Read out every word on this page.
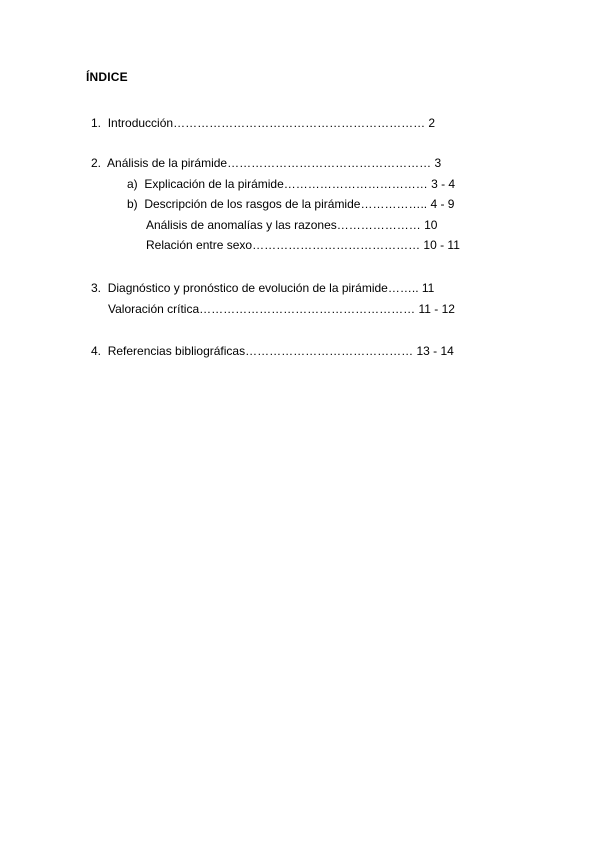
ÍNDICE
1. Introducción……………………………………………………… 2
2. Análisis de la pirámide…………………………………………… 3
a) Explicación de la pirámide……………………………… 3 - 4
b) Descripción de los rasgos de la pirámide…………….. 4 - 9
Análisis de anomalías y las razones………………… 10
Relación entre sexo…………………………………… 10 - 11
3. Diagnóstico y pronóstico de evolución de la pirámide…….. 11
Valoración crítica……………………………………………… 11 - 12
4. Referencias bibliográficas…………………………………… 13 - 14
